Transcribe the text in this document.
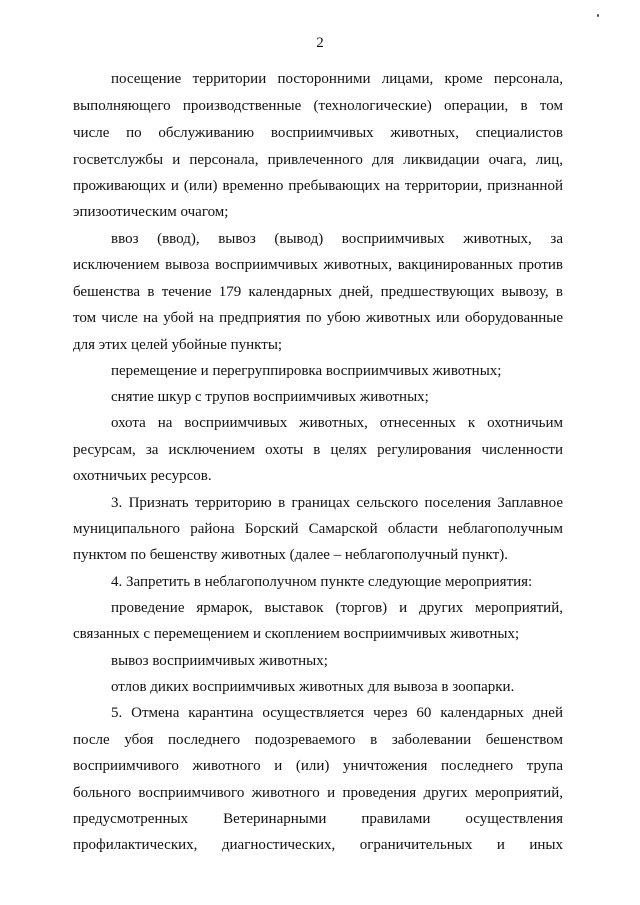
2
посещение территории посторонними лицами, кроме персонала,
выполняющего производственные (технологические) операции, в том
числе по обслуживанию восприимчивых животных, специалистов
госветслужбы и персонала, привлеченного для ликвидации очага, лиц,
проживающих и (или) временно пребывающих на территории, признанной
эпизоотическим очагом;
ввоз (ввод), вывоз (вывод) восприимчивых животных, за
исключением вывоза восприимчивых животных, вакцинированных против
бешенства в течение 179 календарных дней, предшествующих вывозу, в
том числе на убой на предприятия по убою животных или оборудованные
для этих целей убойные пункты;
перемещение и перегруппировка восприимчивых животных;
снятие шкур с трупов восприимчивых животных;
охота на восприимчивых животных, отнесенных к охотничьим
ресурсам, за исключением охоты в целях регулирования численности
охотничьих ресурсов.
3. Признать территорию в границах сельского поселения Заплавное
муниципального района Борский Самарской области неблагополучным
пунктом по бешенству животных (далее – неблагополучный пункт).
4. Запретить в неблагополучном пункте следующие мероприятия:
проведение ярмарок, выставок (торгов) и других мероприятий,
связанных с перемещением и скоплением восприимчивых животных;
вывоз восприимчивых животных;
отлов диких восприимчивых животных для вывоза в зоопарки.
5. Отмена карантина осуществляется через 60 календарных дней
после убоя последнего подозреваемого в заболевании бешенством
восприимчивого животного и (или) уничтожения последнего трупа
больного восприимчивого животного и проведения других мероприятий,
предусмотренных Ветеринарными правилами осуществления
профилактических, диагностических, ограничительных и иных
